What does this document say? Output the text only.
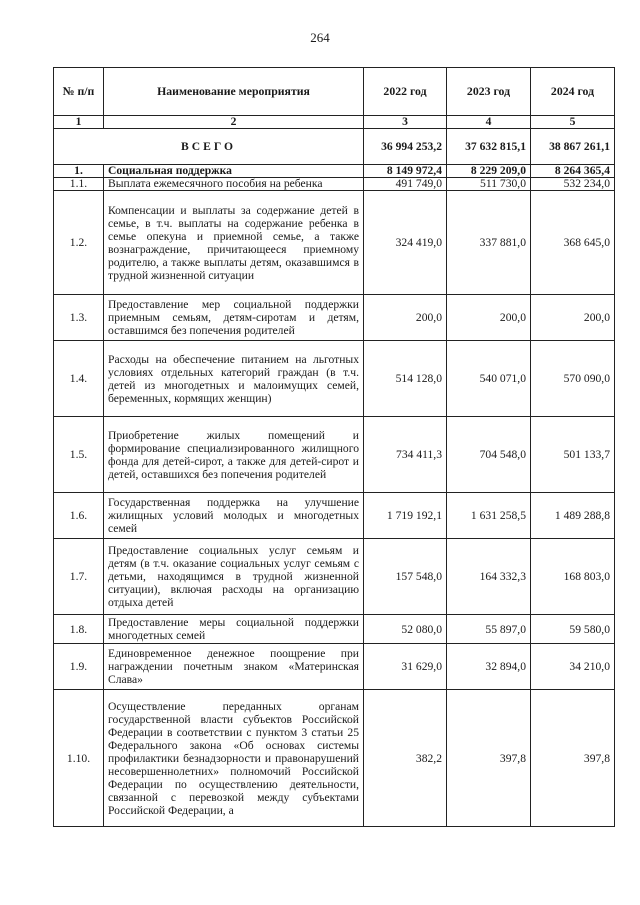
264
№ п/п	Наименование мероприятия	2022 год	2023 год	2024 год
1	2	3	4	5
ВСЕГО		36 994 253,2	37 632 815,1	38 867 261,1
1.	Социальная поддержка	8 149 972,4	8 229 209,0	8 264 365,4
1.1.	Выплата ежемесячного пособия на ребенка	491 749,0	511 730,0	532 234,0
1.2.	Компенсации и выплаты за содержание детей в семье, в т.ч. выплаты на содержание ребенка в семье опекуна и приемной семье, а также вознаграждение, причитающееся приемному родителю, а также выплаты детям, оказавшимся в трудной жизненной ситуации	324 419,0	337 881,0	368 645,0
1.3.	Предоставление мер социальной поддержки приемным семьям, детям-сиротам и детям, оставшимся без попечения родителей	200,0	200,0	200,0
1.4.	Расходы на обеспечение питанием на льготных условиях отдельных категорий граждан (в т.ч. детей из многодетных и малоимущих семей, беременных, кормящих женщин)	514 128,0	540 071,0	570 090,0
1.5.	Приобретение жилых помещений и формирование специализированного жилищного фонда для детей-сирот, а также для детей-сирот и детей, оставшихся без попечения родителей	734 411,3	704 548,0	501 133,7
1.6.	Государственная поддержка на улучшение жилищных условий молодых и многодетных семей	1 719 192,1	1 631 258,5	1 489 288,8
1.7.	Предоставление социальных услуг семьям и детям (в т.ч. оказание социальных услуг семьям с детьми, находящимся в трудной жизненной ситуации), включая расходы на организацию отдыха детей	157 548,0	164 332,3	168 803,0
1.8.	Предоставление меры социальной поддержки многодетных семей	52 080,0	55 897,0	59 580,0
1.9.	Единовременное денежное поощрение при награждении почетным знаком «Материнская Слава»	31 629,0	32 894,0	34 210,0
1.10.	Осуществление переданных органам государственной власти субъектов Российской Федерации в соответствии с пунктом 3 статьи 25 Федерального закона «Об основах системы профилактики безнадзорности и правонарушений несовершеннолетних» полномочий Российской Федерации по осуществлению деятельности, связанной с перевозкой между субъектами Российской Федерации, а	382,2	397,8	397,8
